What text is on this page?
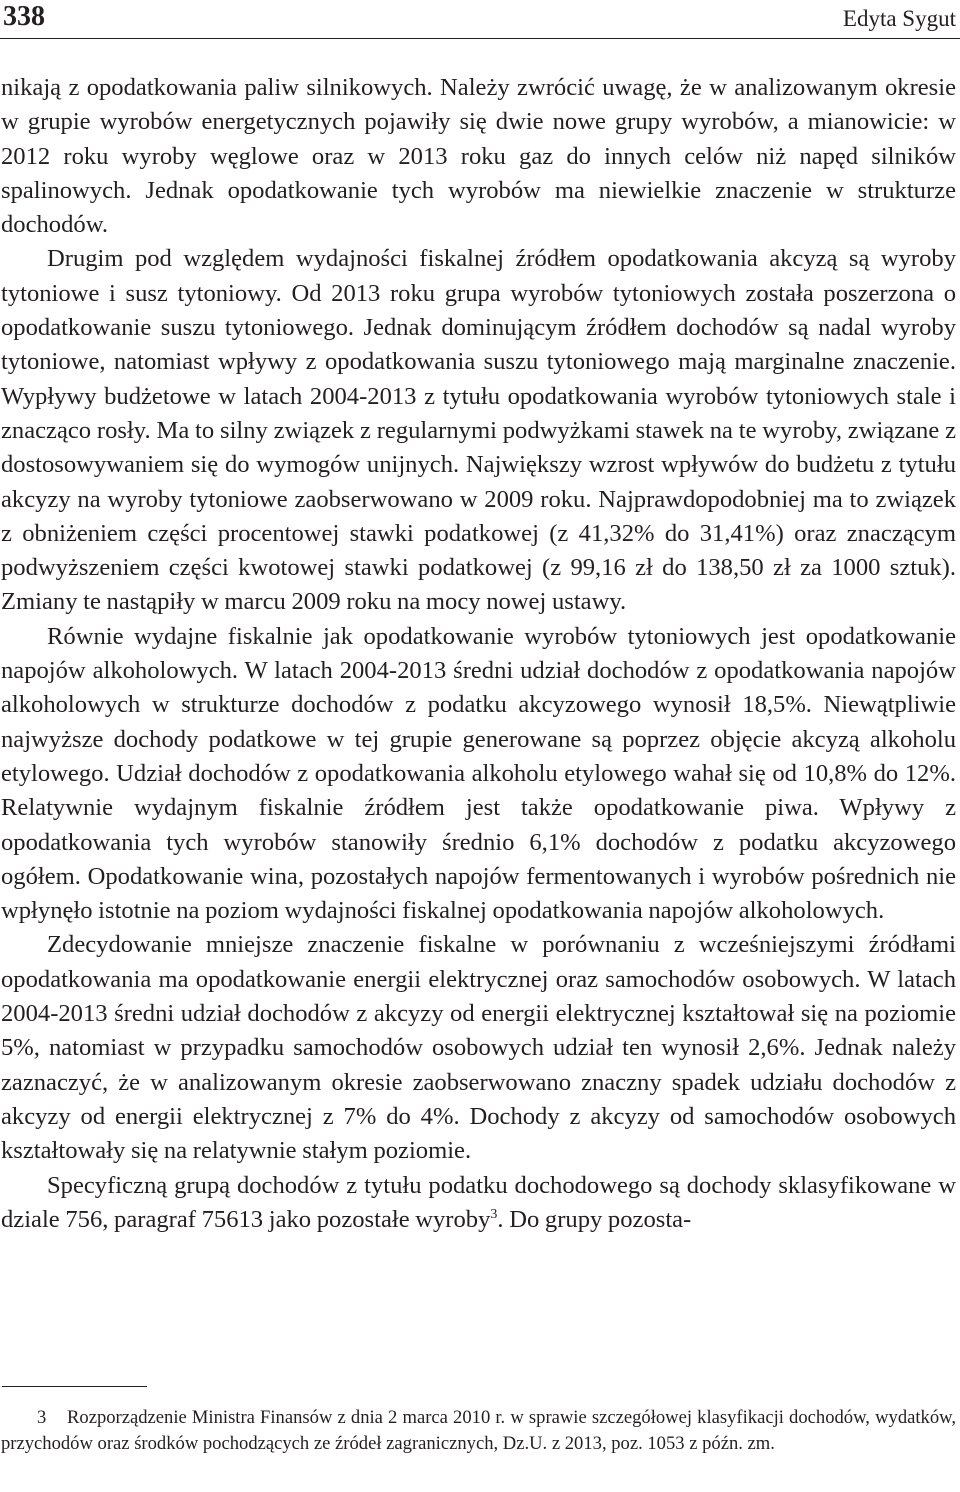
338	Edyta Sygut

nikają z opodatkowania paliw silnikowych. Należy zwrócić uwagę, że w analizowanym okresie w grupie wyrobów energetycznych pojawiły się dwie nowe grupy wyrobów, a mianowicie: w 2012 roku wyroby węglowe oraz w 2013 roku gaz do innych celów niż napęd silników spalinowych. Jednak opodatkowanie tych wyrobów ma niewielkie znaczenie w strukturze dochodów.

Drugim pod względem wydajności fiskalnej źródłem opodatkowania akcyzą są wyroby tytoniowe i susz tytoniowy. Od 2013 roku grupa wyrobów tytoniowych została poszerzona o opodatkowanie suszu tytoniowego. Jednak dominującym źródłem dochodów są nadal wyroby tytoniowe, natomiast wpływy z opodatkowania suszu tytoniowego mają marginalne znaczenie. Wypływy budżetowe w latach 2004-2013 z tytułu opodatkowania wyrobów tytoniowych stale i znacząco rosły. Ma to silny związek z regularnymi podwyżkami stawek na te wyroby, związane z dostosowywaniem się do wymogów unijnych. Największy wzrost wpływów do budżetu z tytułu akcyzy na wyroby tytoniowe zaobserwowano w 2009 roku. Najprawdopodobniej ma to związek z obniżeniem części procentowej stawki podatkowej (z 41,32% do 31,41%) oraz znaczącym podwyższeniem części kwotowej stawki podatkowej (z 99,16 zł do 138,50 zł za 1000 sztuk). Zmiany te nastąpiły w marcu 2009 roku na mocy nowej ustawy.

Równie wydajne fiskalnie jak opodatkowanie wyrobów tytoniowych jest opodatkowanie napojów alkoholowych. W latach 2004-2013 średni udział dochodów z opodatkowania napojów alkoholowych w strukturze dochodów z podatku akcyzowego wynosił 18,5%. Niewątpliwie najwyższe dochody podatkowe w tej grupie generowane są poprzez objęcie akcyzą alkoholu etylowego. Udział dochodów z opodatkowania alkoholu etylowego wahał się od 10,8% do 12%. Relatywnie wydajnym fiskalnie źródłem jest także opodatkowanie piwa. Wpływy z opodatkowania tych wyrobów stanowiły średnio 6,1% dochodów z podatku akcyzowego ogółem. Opodatkowanie wina, pozostałych napojów fermentowanych i wyrobów pośrednich nie wpłynęło istotnie na poziom wydajności fiskalnej opodatkowania napojów alkoholowych.

Zdecydowanie mniejsze znaczenie fiskalne w porównaniu z wcześniejszymi źródłami opodatkowania ma opodatkowanie energii elektrycznej oraz samochodów osobowych. W latach 2004-2013 średni udział dochodów z akcyzy od energii elektrycznej kształtował się na poziomie 5%, natomiast w przypadku samochodów osobowych udział ten wynosił 2,6%. Jednak należy zaznaczyć, że w analizowanym okresie zaobserwowano znaczny spadek udziału dochodów z akcyzy od energii elektrycznej z 7% do 4%. Dochody z akcyzy od samochodów osobowych kształtowały się na relatywnie stałym poziomie.

Specyficzną grupą dochodów z tytułu podatku dochodowego są dochody sklasyfikowane w dziale 756, paragraf 75613 jako pozostałe wyroby$^3$. Do grupy pozosta-

3 Rozporządzenie Ministra Finansów z dnia 2 marca 2010 r. w sprawie szczegółowej klasyfikacji dochodów, wydatków, przychodów oraz środków pochodzących ze źródeł zagranicznych, Dz.U. z 2013, poz. 1053 z późn. zm.
